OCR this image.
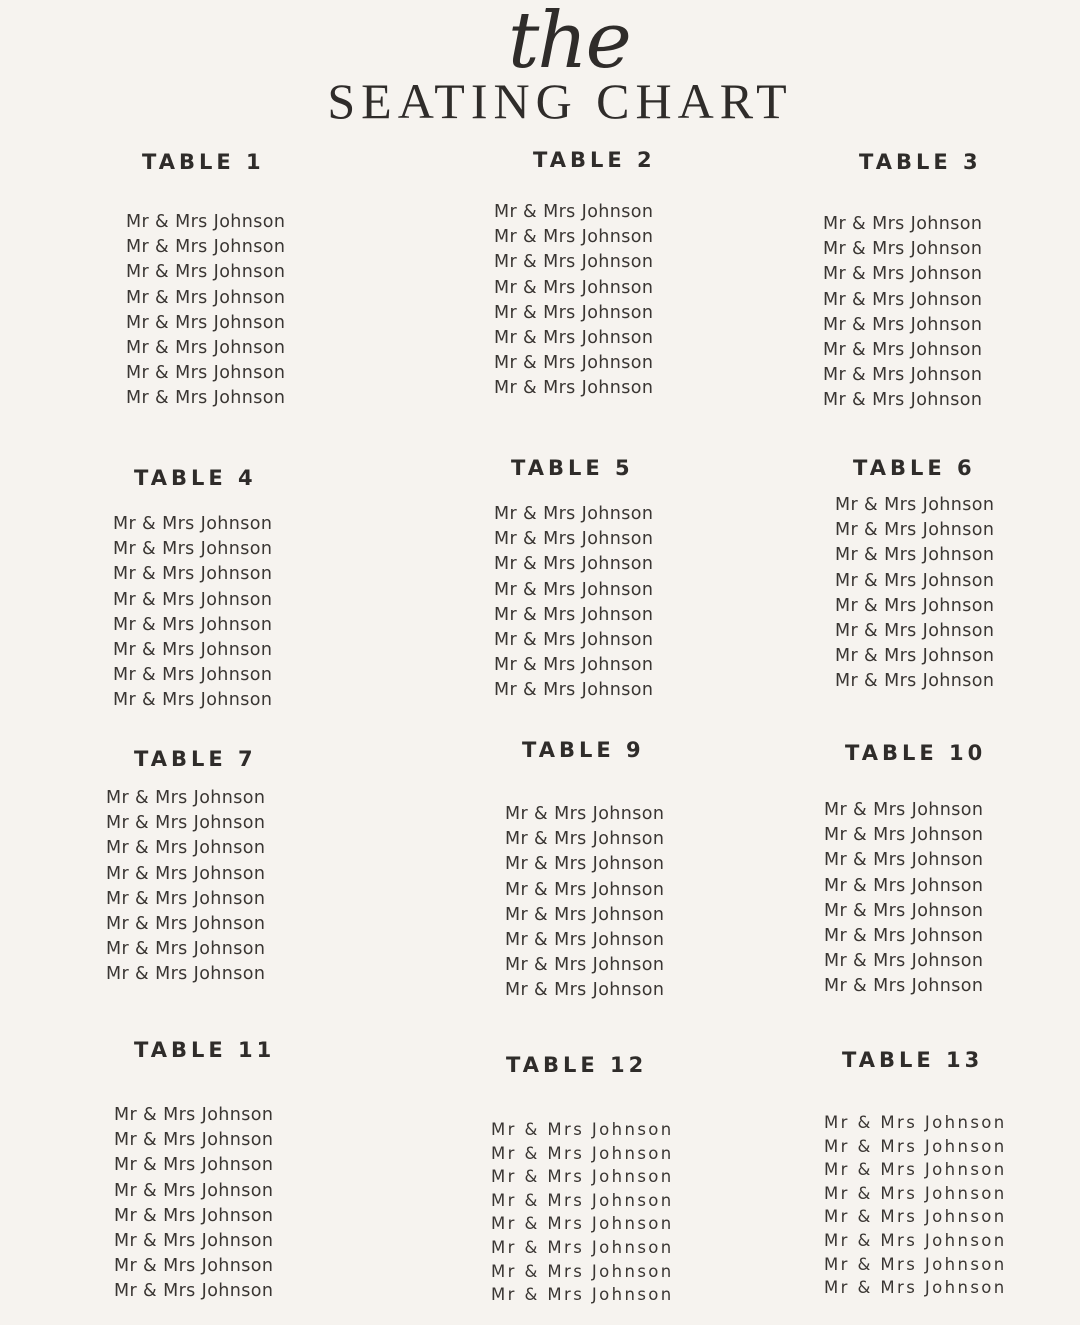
the
SEATING CHART
TABLE 1
Mr & Mrs Johnson
Mr & Mrs Johnson
Mr & Mrs Johnson
Mr & Mrs Johnson
Mr & Mrs Johnson
Mr & Mrs Johnson
Mr & Mrs Johnson
Mr & Mrs Johnson
TABLE 2
Mr & Mrs Johnson
Mr & Mrs Johnson
Mr & Mrs Johnson
Mr & Mrs Johnson
Mr & Mrs Johnson
Mr & Mrs Johnson
Mr & Mrs Johnson
Mr & Mrs Johnson
TABLE 3
Mr & Mrs Johnson
Mr & Mrs Johnson
Mr & Mrs Johnson
Mr & Mrs Johnson
Mr & Mrs Johnson
Mr & Mrs Johnson
Mr & Mrs Johnson
Mr & Mrs Johnson
TABLE 4
Mr & Mrs Johnson
Mr & Mrs Johnson
Mr & Mrs Johnson
Mr & Mrs Johnson
Mr & Mrs Johnson
Mr & Mrs Johnson
Mr & Mrs Johnson
Mr & Mrs Johnson
TABLE 5
Mr & Mrs Johnson
Mr & Mrs Johnson
Mr & Mrs Johnson
Mr & Mrs Johnson
Mr & Mrs Johnson
Mr & Mrs Johnson
Mr & Mrs Johnson
Mr & Mrs Johnson
TABLE 6
Mr & Mrs Johnson
Mr & Mrs Johnson
Mr & Mrs Johnson
Mr & Mrs Johnson
Mr & Mrs Johnson
Mr & Mrs Johnson
Mr & Mrs Johnson
Mr & Mrs Johnson
TABLE 7
Mr & Mrs Johnson
Mr & Mrs Johnson
Mr & Mrs Johnson
Mr & Mrs Johnson
Mr & Mrs Johnson
Mr & Mrs Johnson
Mr & Mrs Johnson
Mr & Mrs Johnson
TABLE 9
Mr & Mrs Johnson
Mr & Mrs Johnson
Mr & Mrs Johnson
Mr & Mrs Johnson
Mr & Mrs Johnson
Mr & Mrs Johnson
Mr & Mrs Johnson
Mr & Mrs Johnson
TABLE 10
Mr & Mrs Johnson
Mr & Mrs Johnson
Mr & Mrs Johnson
Mr & Mrs Johnson
Mr & Mrs Johnson
Mr & Mrs Johnson
Mr & Mrs Johnson
Mr & Mrs Johnson
TABLE 11
Mr & Mrs Johnson
Mr & Mrs Johnson
Mr & Mrs Johnson
Mr & Mrs Johnson
Mr & Mrs Johnson
Mr & Mrs Johnson
Mr & Mrs Johnson
Mr & Mrs Johnson
TABLE 12
Mr & Mrs Johnson
Mr & Mrs Johnson
Mr & Mrs Johnson
Mr & Mrs Johnson
Mr & Mrs Johnson
Mr & Mrs Johnson
Mr & Mrs Johnson
Mr & Mrs Johnson
TABLE 13
Mr & Mrs Johnson
Mr & Mrs Johnson
Mr & Mrs Johnson
Mr & Mrs Johnson
Mr & Mrs Johnson
Mr & Mrs Johnson
Mr & Mrs Johnson
Mr & Mrs Johnson
